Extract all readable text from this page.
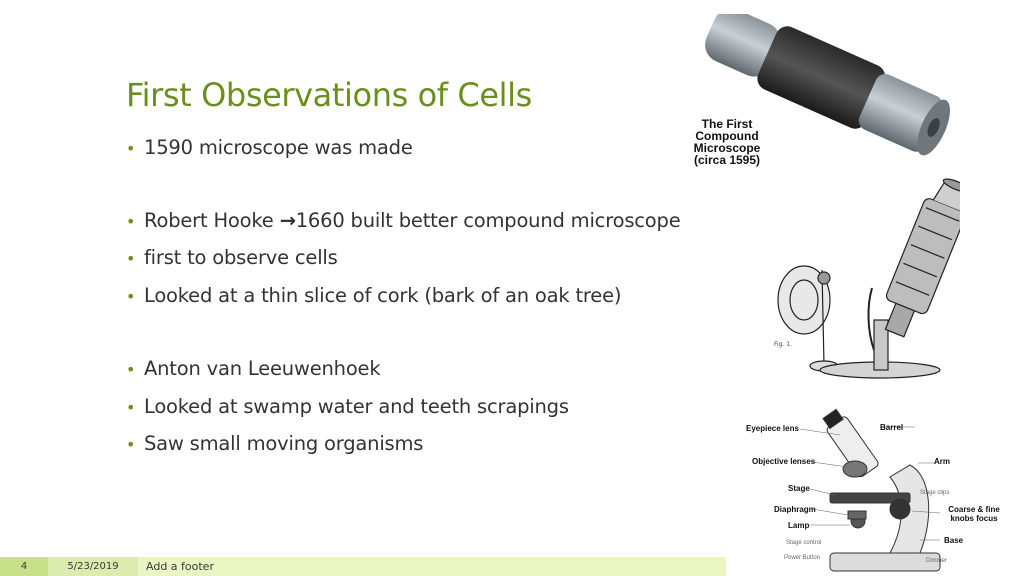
First Observations of Cells
• 1590 microscope was made
• Robert Hooke →1660 built better compound microscope
• first to observe cells
• Looked at a thin slice of cork (bark of an oak tree)
• Anton van Leeuwenhoek
• Looked at swamp water and teeth scrapings
• Saw small moving organisms
The First Compound Microscope (circa 1595)
Fig. 1.
Eyepiece lens	Barrel
Objective lenses	Arm
Stage clips
Stage
Diaphragm	Coarse & fine knobs focus
Lamp
Stage control	Base
Power Button	Dimmer
4	5/23/2019	Add a footer
